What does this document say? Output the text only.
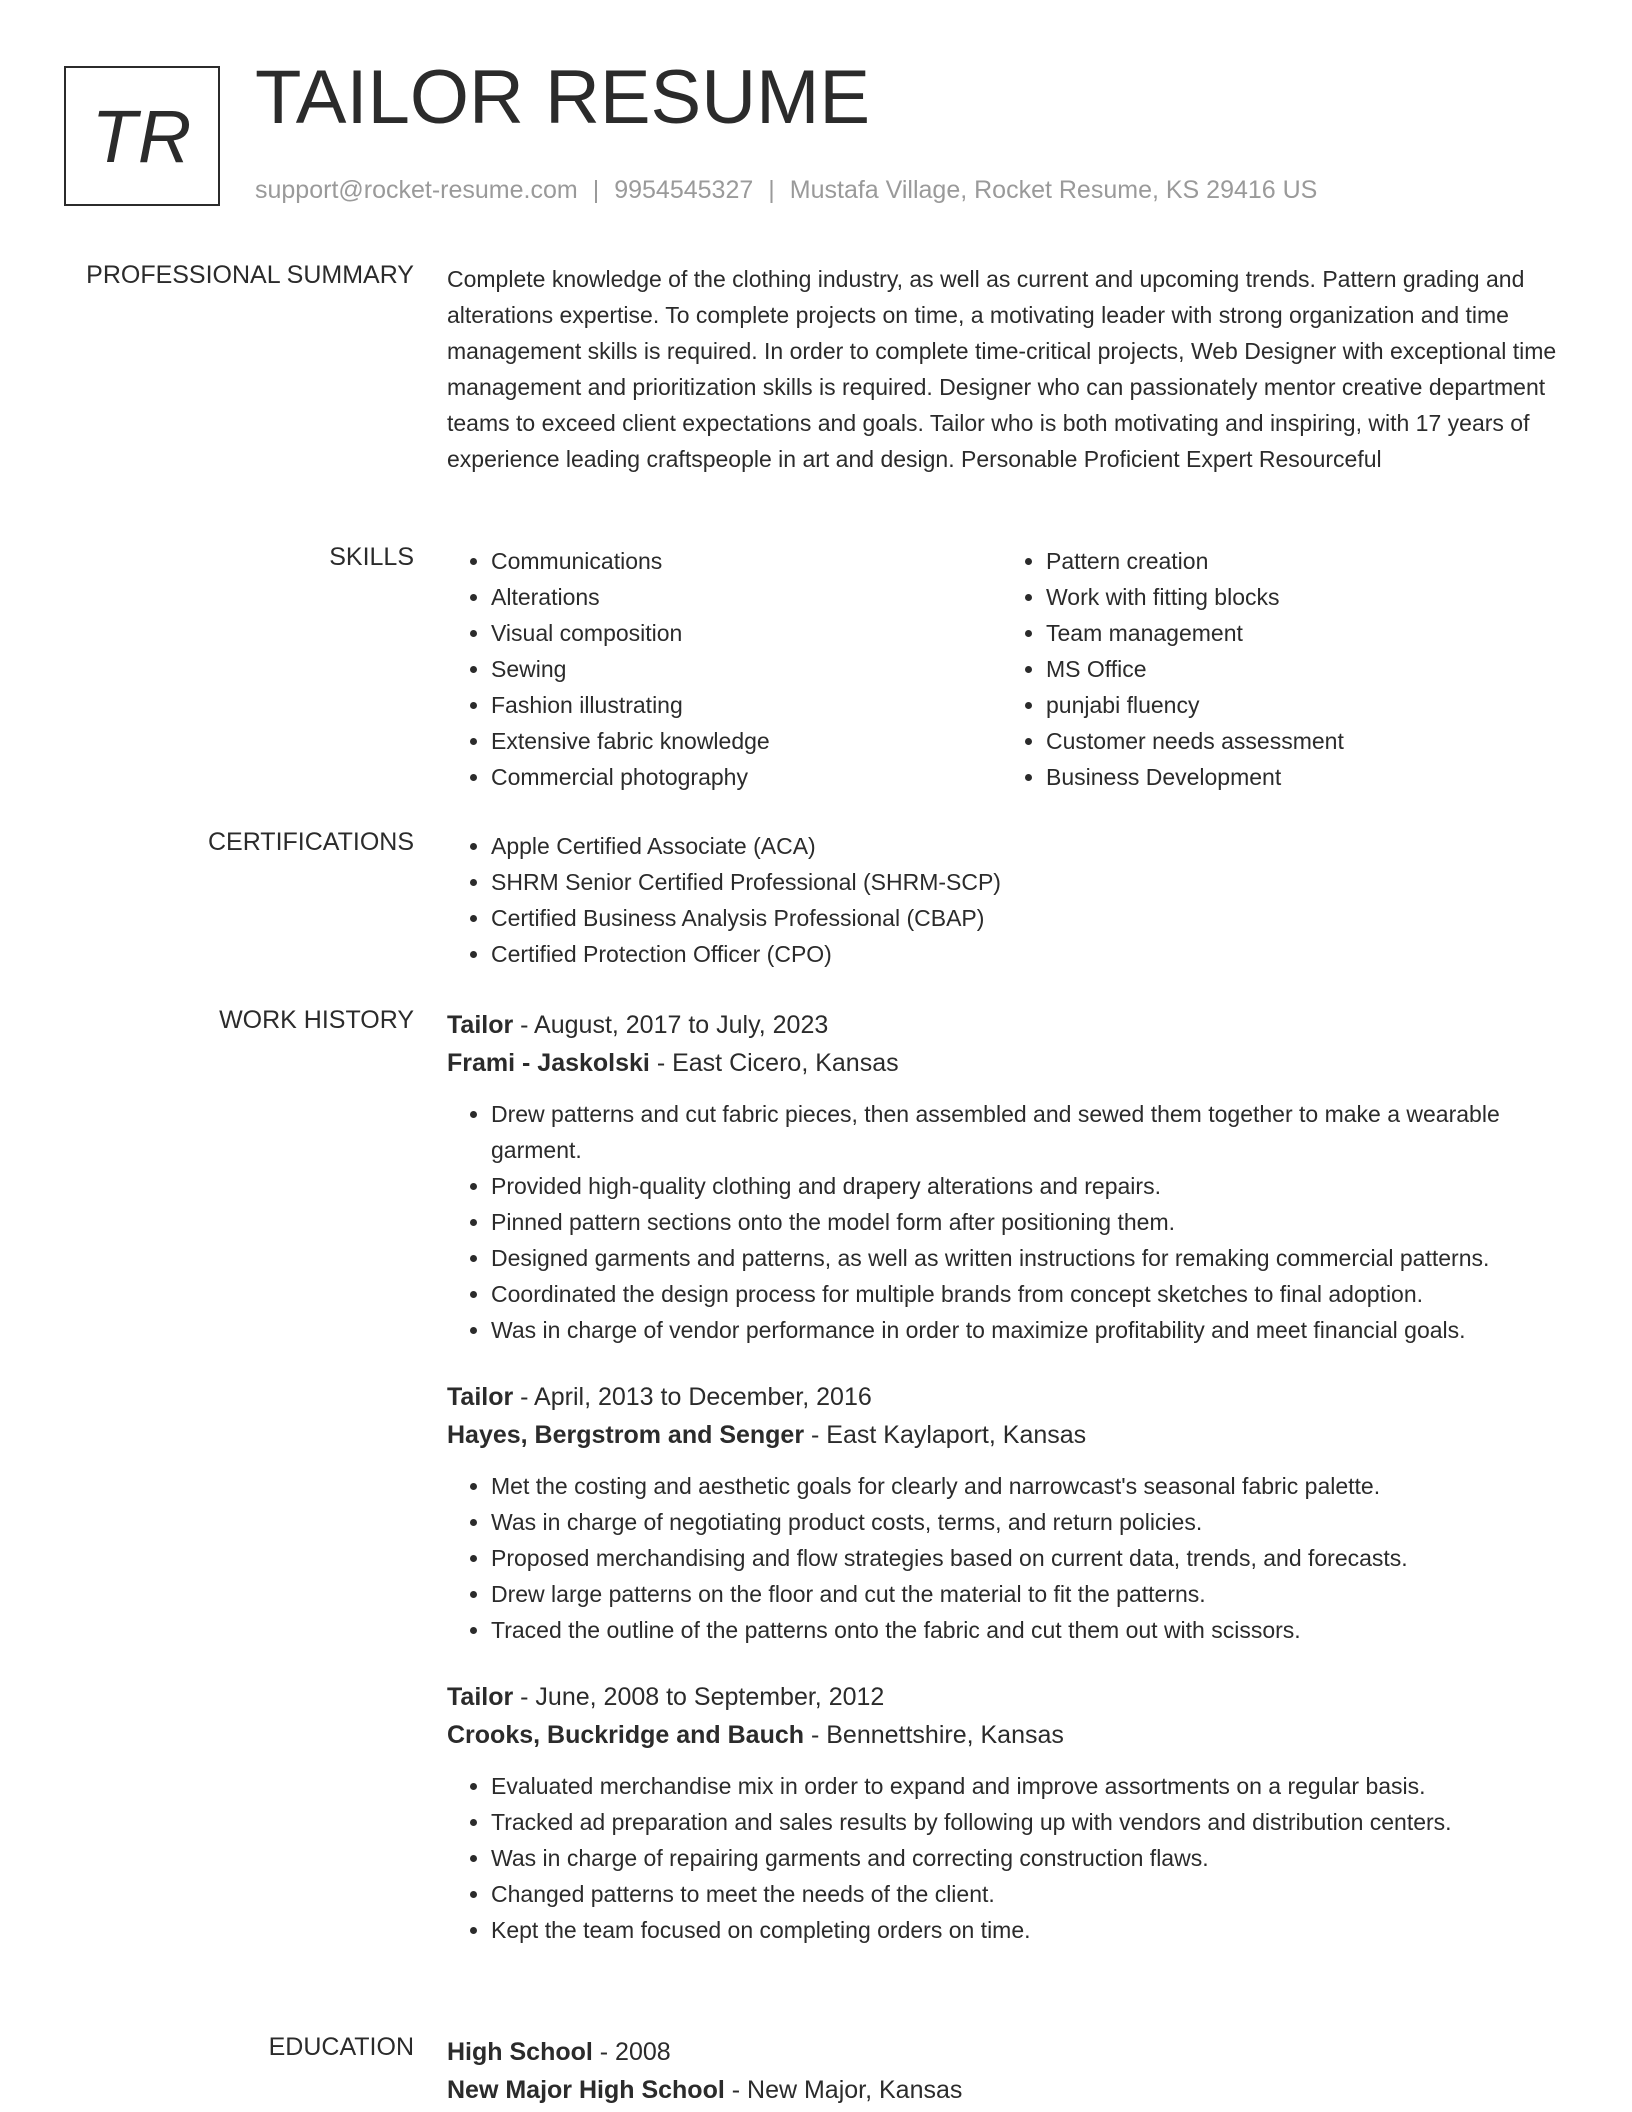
TR TAILOR RESUME
support@rocket-resume.com | 9954545327 | Mustafa Village, Rocket Resume, KS 29416 US
PROFESSIONAL SUMMARY Complete knowledge of the clothing industry, as well as current and upcoming trends. Pattern grading and alterations expertise. To complete projects on time, a motivating leader with strong organization and time management skills is required. In order to complete time-critical projects, Web Designer with exceptional time management and prioritization skills is required. Designer who can passionately mentor creative department teams to exceed client expectations and goals. Tailor who is both motivating and inspiring, with 17 years of experience leading craftspeople in art and design. Personable Proficient Expert Resourceful

SKILLS	• Communications
• Alterations
• Visual composition
• Sewing
• Fashion illustrating
• Extensive fabric knowledge
• Commercial photography
• Pattern creation
• Work with fitting blocks
• Team management
• MS Office
• punjabi fluency
• Customer needs assessment
• Business Development
CERTIFICATIONS	• Apple Certified Associate (ACA)
• SHRM Senior Certified Professional (SHRM-SCP)
• Certified Business Analysis Professional (CBAP)
• Certified Protection Officer (CPO)
WORK HISTORY Tailor - August, 2017 to July, 2023
Frami - Jaskolski - East Cicero, Kansas
• Drew patterns and cut fabric pieces, then assembled and sewed them together to make a wearable garment.
• Provided high-quality clothing and drapery alterations and repairs.
• Pinned pattern sections onto the model form after positioning them.
• Designed garments and patterns, as well as written instructions for remaking commercial patterns.
• Coordinated the design process for multiple brands from concept sketches to final adoption.
• Was in charge of vendor performance in order to maximize profitability and meet financial goals.
Tailor - April, 2013 to December, 2016
Hayes, Bergstrom and Senger - East Kaylaport, Kansas
• Met the costing and aesthetic goals for clearly and narrowcast's seasonal fabric palette.
• Was in charge of negotiating product costs, terms, and return policies.
• Proposed merchandising and flow strategies based on current data, trends, and forecasts.
• Drew large patterns on the floor and cut the material to fit the patterns.
• Traced the outline of the patterns onto the fabric and cut them out with scissors.
Tailor - June, 2008 to September, 2012
Crooks, Buckridge and Bauch - Bennettshire, Kansas
• Evaluated merchandise mix in order to expand and improve assortments on a regular basis.
• Tracked ad preparation and sales results by following up with vendors and distribution centers.
• Was in charge of repairing garments and correcting construction flaws.
• Changed patterns to meet the needs of the client.
• Kept the team focused on completing orders on time.
EDUCATION High School - 2008
New Major High School - New Major, Kansas
